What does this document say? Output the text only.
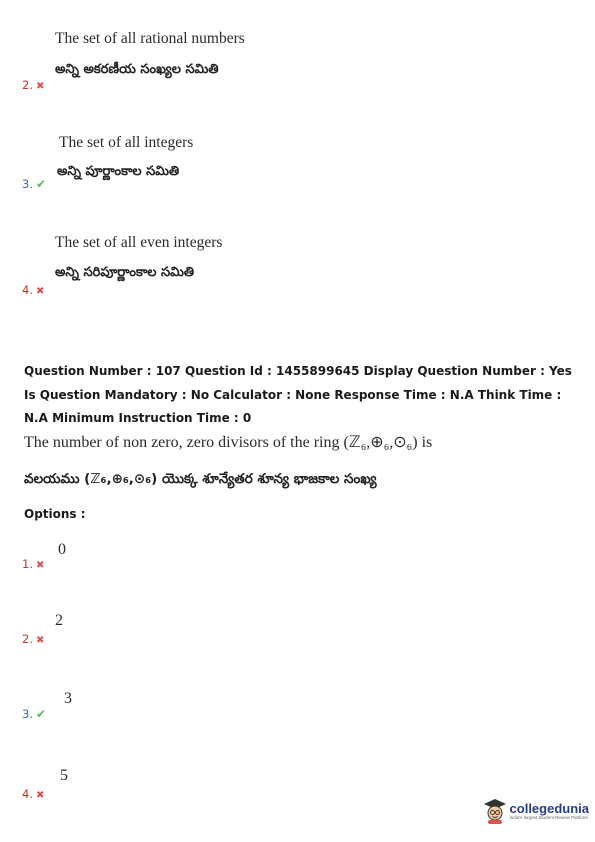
The set of all rational numbers
అన్ని అకరణీయ సంఖ్యల సమితి
2. ✖
The set of all integers
అన్ని పూర్ణాంకాల సమితి
3. ✔
The set of all even integers
అన్ని సరిపూర్ణాంకాల సమితి
4. ✖
Question Number : 107 Question Id : 1455899645 Display Question Number : Yes Is Question Mandatory : No Calculator : None Response Time : N.A Think Time : N.A Minimum Instruction Time : 0
The number of non zero, zero divisors of the ring (ℤ₆,⊕₆,⊙₆) is
వలయము (ℤ₆,⊕₆,⊙₆) యొక్క శూన్యేతర శూన్య భాజకాల సంఖ్య
Options :
0
1. ✖
2
2. ✖
3
3. ✔
5
4. ✖
collegedunia
India's largest Student Review Platform
